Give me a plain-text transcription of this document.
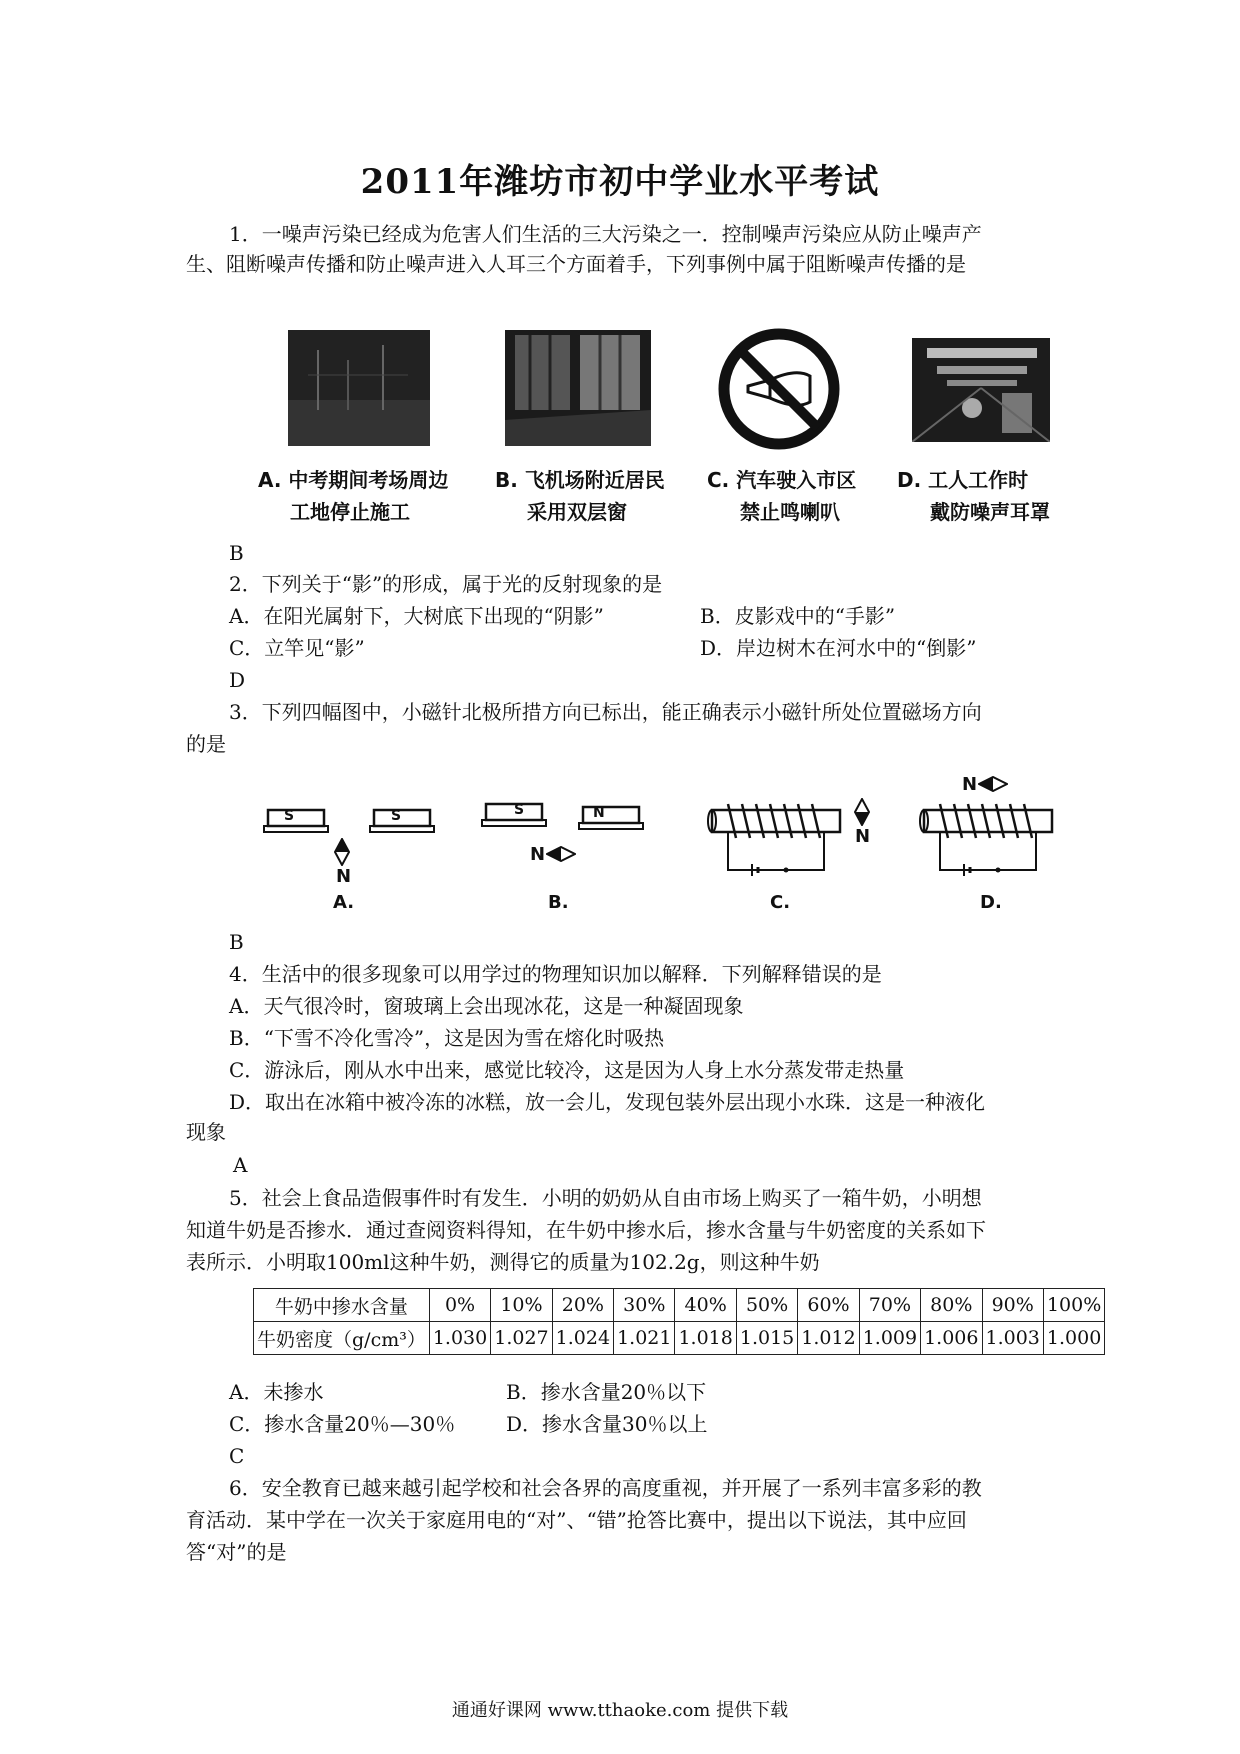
2011年潍坊市初中学业水平考试
1．一噪声污染已经成为危害人们生活的三大污染之一．控制噪声污染应从防止噪声产
生、阻断噪声传播和防止噪声进入人耳三个方面着手，下列事例中属于阻断噪声传播的是
A. 中考期间考场周边
工地停止施工
B. 飞机场附近居民
采用双层窗
C. 汽车驶入市区
禁止鸣喇叭
D. 工人工作时
戴防噪声耳罩
B
2．下列关于“影”的形成，属于光的反射现象的是
A．在阳光属射下，大树底下出现的“阴影”	B．皮影戏中的“手影”
C．立竿见“影”	D．岸边树木在河水中的“倒影”
D
3．下列四幅图中，小磁针北极所措方向已标出，能正确表示小磁针所处位置磁场方向
的是
S	S
N
A.
S	N
N
B.
N
C.
N
D.
B
4．生活中的很多现象可以用学过的物理知识加以解释．下列解释错误的是
A．天气很冷时，窗玻璃上会出现冰花，这是一种凝固现象
B．“下雪不冷化雪冷”，这是因为雪在熔化时吸热
C．游泳后，刚从水中出来，感觉比较冷，这是因为人身上水分蒸发带走热量
D．取出在冰箱中被冷冻的冰糕，放一会儿，发现包装外层出现小水珠．这是一种液化
现象
A
5．社会上食品造假事件时有发生．小明的奶奶从自由市场上购买了一箱牛奶，小明想
知道牛奶是否掺水．通过查阅资料得知，在牛奶中掺水后，掺水含量与牛奶密度的关系如下
表所示．小明取100ml这种牛奶，测得它的质量为102.2g，则这种牛奶
牛奶中掺水含量	0%	10%	20%	30%	40%	50%	60%	70%	80%	90%	100%
牛奶密度（g/cm³）	1.030	1.027	1.024	1.021	1.018	1.015	1.012	1.009	1.006	1.003	1.000
A．未掺水	B．掺水含量20％以下
C．掺水含量20％—30％	D．掺水含量30％以上
C
6．安全教育已越来越引起学校和社会各界的高度重视，并开展了一系列丰富多彩的教
育活动．某中学在一次关于家庭用电的“对”、“错”抢答比赛中，提出以下说法，其中应回
答“对”的是
通通好课网 www.tthaoke.com 提供下载
